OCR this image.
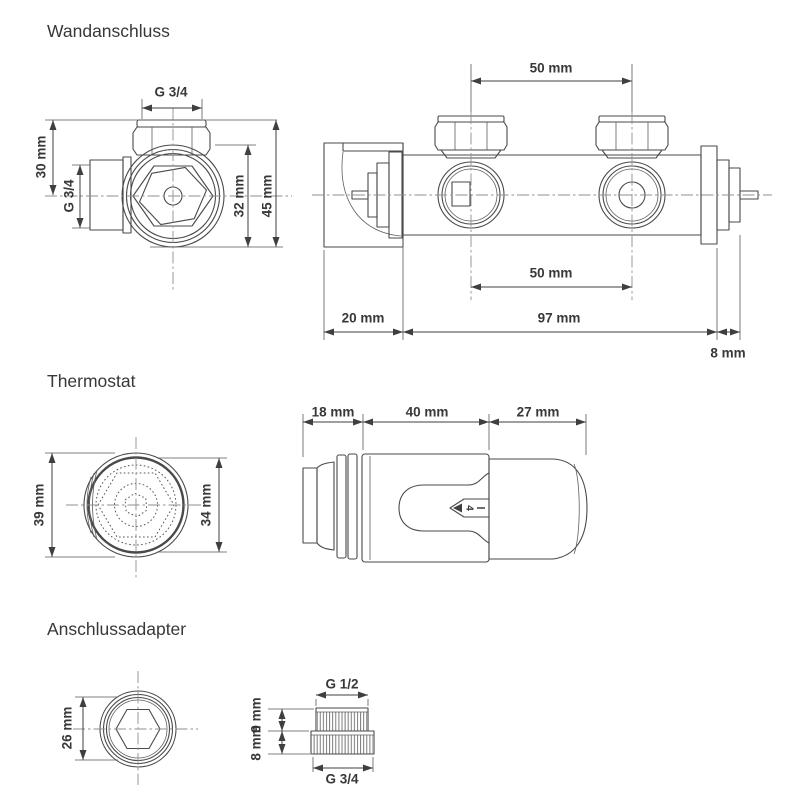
Wandanschluss
Thermostat
Anschlussadapter
G 3/4
30 mm
G 3/4	32 mm 45 mm
50 mm
50 mm
20 mm	97 mm
8 mm
39 mm	34 mm
18 mm	40 mm	27 mm
4
26 mm
G 1/2
9 mm
8 mm
G 3/4
